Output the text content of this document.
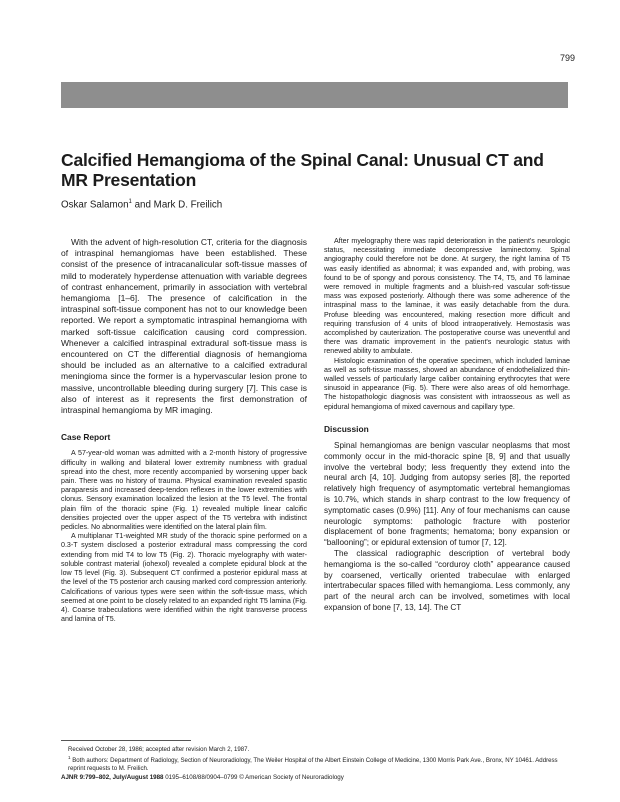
799
Calcified Hemangioma of the Spinal Canal: Unusual CT and MR Presentation
Oskar Salamon$^1$ and Mark D. Freilich

With the advent of high-resolution CT, criteria for the diagnosis of intraspinal hemangiomas have been established. These consist of the presence of intracanalicular soft-tissue masses of mild to moderately hyperdense attenuation with variable degrees of contrast enhancement, primarily in association with vertebral hemangioma [1–6]. The presence of calcification in the intraspinal soft-tissue component has not to our knowledge been reported. We report a symptomatic intraspinal hemangioma with marked soft-tissue calcification causing cord compression. Whenever a calcified intraspinal extradural soft-tissue mass is encountered on CT the differential diagnosis of hemangioma should be included as an alternative to a calcified extradural meningioma since the former is a hypervascular lesion prone to massive, uncontrollable bleeding during surgery [7]. This case is also of interest as it represents the first demonstration of intraspinal hemangioma by MR imaging.

Case Report

A 57-year-old woman was admitted with a 2-month history of progressive difficulty in walking and bilateral lower extremity numbness with gradual spread into the chest, more recently accompanied by worsening upper back pain. There was no history of trauma. Physical examination revealed spastic paraparesis and increased deep-tendon reflexes in the lower extremities with clonus. Sensory examination localized the lesion at the T5 level. The frontal plain film of the thoracic spine (Fig. 1) revealed multiple linear calcific densities projected over the upper aspect of the T5 vertebra with indistinct pedicles. No abnormalities were identified on the lateral plain film.

A multiplanar T1-weighted MR study of the thoracic spine performed on a 0.3-T system disclosed a posterior extradural mass compressing the cord extending from mid T4 to low T5 (Fig. 2). Thoracic myelography with water-soluble contrast material (iohexol) revealed a complete epidural block at the low T5 level (Fig. 3). Subsequent CT confirmed a posterior epidural mass at the level of the T5 posterior arch causing marked cord compression anteriorly. Calcifications of various types were seen within the soft-tissue mass, which seemed at one point to be closely related to an expanded right T5 lamina (Fig. 4). Coarse trabeculations were identified within the right transverse process and lamina of T5.

After myelography there was rapid deterioration in the patient's neurologic status, necessitating immediate decompressive laminectomy. Spinal angiography could therefore not be done. At surgery, the right lamina of T5 was easily identified as abnormal; it was expanded and, with probing, was found to be of spongy and porous consistency. The T4, T5, and T6 laminae were removed in multiple fragments and a bluish-red vascular soft-tissue mass was exposed posteriorly. Although there was some adherence of the intraspinal mass to the laminae, it was easily detachable from the dura. Profuse bleeding was encountered, making resection more difficult and requiring transfusion of 4 units of blood intraoperatively. Hemostasis was accomplished by cauterization. The postoperative course was uneventful and there was dramatic improvement in the patient's neurologic status with renewed ability to ambulate.

Histologic examination of the operative specimen, which included laminae as well as soft-tissue masses, showed an abundance of endothelialized thin-walled vessels of particularly large caliber containing erythrocytes that were sinusoid in appearance (Fig. 5). There were also areas of old hemorrhage. The histopathologic diagnosis was consistent with intraosseous as well as epidural hemangioma of mixed cavernous and capillary type.

Discussion

Spinal hemangiomas are benign vascular neoplasms that most commonly occur in the mid-thoracic spine [8, 9] and that usually involve the vertebral body; less frequently they extend into the neural arch [4, 10]. Judging from autopsy series [8], the reported relatively high frequency of asymptomatic vertebral hemangiomas is 10.7%, which stands in sharp contrast to the low frequency of symptomatic cases (0.9%) [11]. Any of four mechanisms can cause neurologic symptoms: pathologic fracture with posterior displacement of bone fragments; hematoma; bony expansion or “ballooning”; or epidural extension of tumor [7, 12].

The classical radiographic description of vertebral body hemangioma is the so-called “corduroy cloth” appearance caused by coarsened, vertically oriented trabeculae with enlarged intertrabecular spaces filled with hemangioma. Less commonly, any part of the neural arch can be involved, sometimes with local expansion of bone [7, 13, 14]. The CT

Received October 28, 1986; accepted after revision March 2, 1987.

$^1$ Both authors: Department of Radiology, Section of Neuroradiology, The Weiler Hospital of the Albert Einstein College of Medicine, 1300 Morris Park Ave., Bronx, NY 10461. Address reprint requests to M. Freilich.

AJNR 9:799–802, July/August 1988 0195–6108/88/0904–0799 © American Society of Neuroradiology
